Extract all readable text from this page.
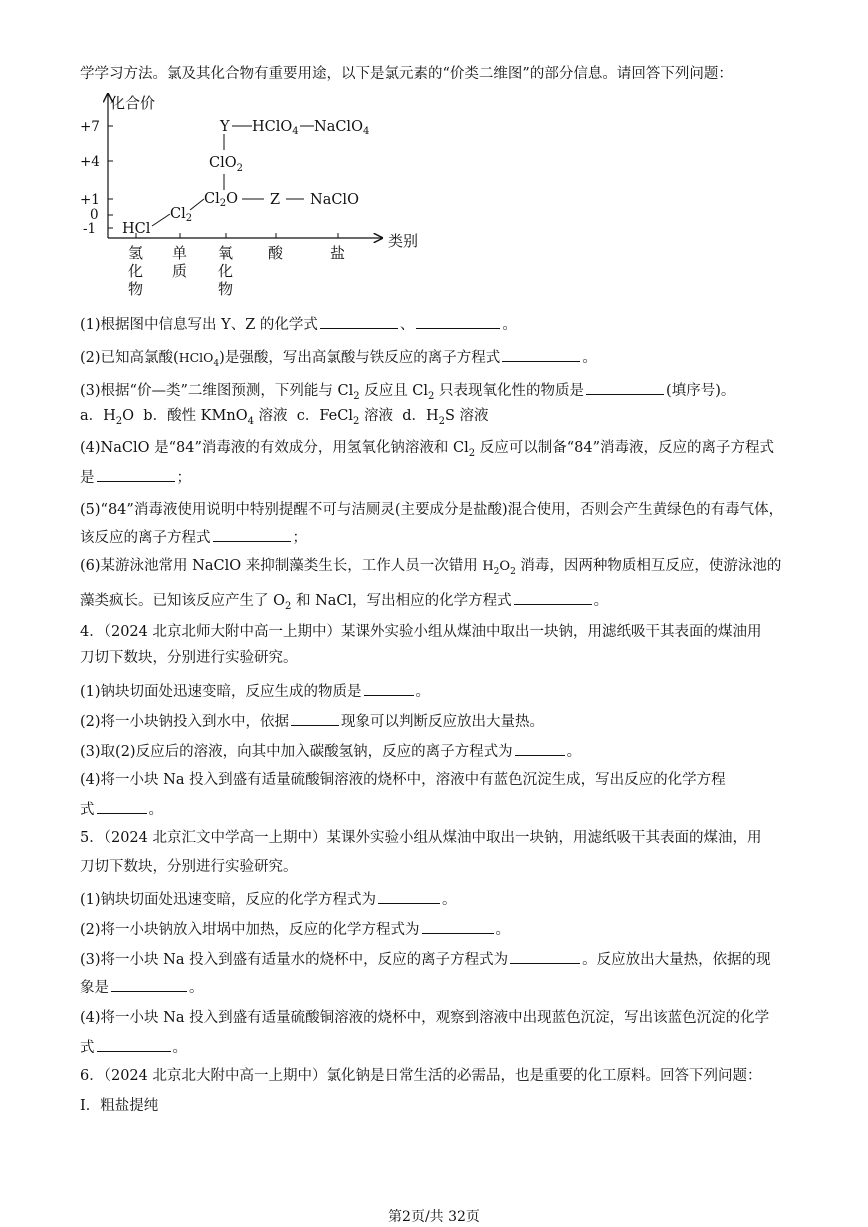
学学习方法。氯及其化合物有重要用途，以下是氯元素的“价类二维图”的部分信息。请回答下列问题：
化合价
类别
+7
+4
+1
0
-1
氢
化
物
单
质
氧
化
物
酸	盐
Y HClO$_4$ NaClO$_4$
ClO$_2$
$Cl_2O$ Z NaClO
$Cl_2$
HCl
(1)根据图中信息写出 Y、Z 的化学式	、	。
(2)已知高氯酸(HClO$_4$)是强酸，写出高氯酸与铁反应的离子方程式	。
(3)根据“价—类”二维图预测，下列能与 $Cl_2$ 反应且 $Cl_2$ 只表现氧化性的物质是	(填序号)。
a．$H_2O$ b．酸性 KMnO$_4$ 溶液 c．FeCl$_2$ 溶液 d．$H_2S$ 溶液
(4)NaClO 是“84”消毒液的有效成分，用氢氧化钠溶液和 $Cl_2$ 反应可以制备“84”消毒液，反应的离子方程式
是	；
(5)“84”消毒液使用说明中特别提醒不可与洁厕灵(主要成分是盐酸)混合使用，否则会产生黄绿色的有毒气体，
该反应的离子方程式	；
(6)某游泳池常用 NaClO 来抑制藻类生长，工作人员一次错用 $H_2O_2$ 消毒，因两种物质相互反应，使游泳池的
藻类疯长。已知该反应产生了 $O_2$ 和 NaCl，写出相应的化学方程式	。
4．（2024 北京北师大附中高一上期中）某课外实验小组从煤油中取出一块钠，用滤纸吸干其表面的煤油用
刀切下数块，分别进行实验研究。
(1)钠块切面处迅速变暗，反应生成的物质是	。
(2)将一小块钠投入到水中，依据	现象可以判断反应放出大量热。
(3)取(2)反应后的溶液，向其中加入碳酸氢钠，反应的离子方程式为	。
(4)将一小块 Na 投入到盛有适量硫酸铜溶液的烧杯中，溶液中有蓝色沉淀生成，写出反应的化学方程
式	。
5．（2024 北京汇文中学高一上期中）某课外实验小组从煤油中取出一块钠，用滤纸吸干其表面的煤油，用
刀切下数块，分别进行实验研究。
(1)钠块切面处迅速变暗，反应的化学方程式为	。
(2)将一小块钠放入坩埚中加热，反应的化学方程式为	。
(3)将一小块 Na 投入到盛有适量水的烧杯中，反应的离子方程式为	。反应放出大量热，依据的现
象是	。
(4)将一小块 Na 投入到盛有适量硫酸铜溶液的烧杯中，观察到溶液中出现蓝色沉淀，写出该蓝色沉淀的化学
式	。
6．（2024 北京北大附中高一上期中）氯化钠是日常生活的必需品，也是重要的化工原料。回答下列问题：
I．粗盐提纯
第2页/共 32页
